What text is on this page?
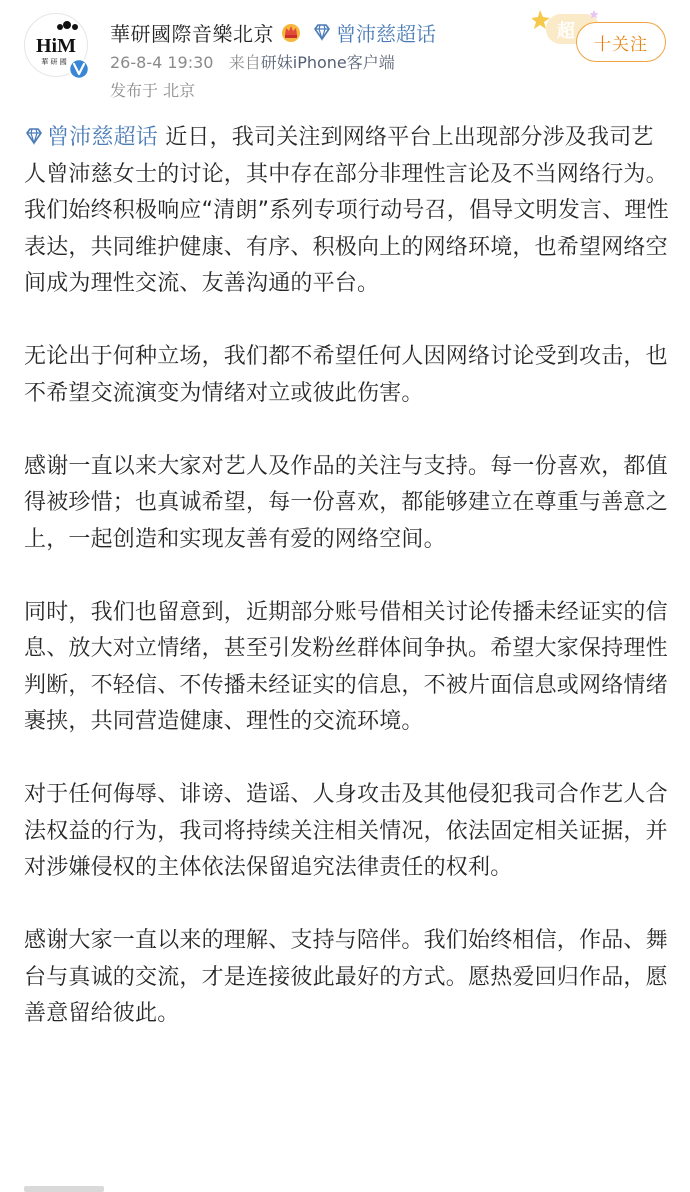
HiM
華 研 國
華研國際音樂北京	曾沛慈超话
26-8-4 19:30 来自研妹iPhone客户端
发布于 北京
超
十关注

曾沛慈超话 近日，我司关注到网络平台上出现部分涉及我司艺人曾沛慈女士的讨论，其中存在部分非理性言论及不当网络行为。我们始终积极响应“清朗”系列专项行动号召，倡导文明发言、理性表达，共同维护健康、有序、积极向上的网络环境，也希望网络空间成为理性交流、友善沟通的平台。

无论出于何种立场，我们都不希望任何人因网络讨论受到攻击，也不希望交流演变为情绪对立或彼此伤害。

感谢一直以来大家对艺人及作品的关注与支持。每一份喜欢，都值得被珍惜；也真诚希望，每一份喜欢，都能够建立在尊重与善意之上，一起创造和实现友善有爱的网络空间。

同时，我们也留意到，近期部分账号借相关讨论传播未经证实的信息、放大对立情绪，甚至引发粉丝群体间争执。希望大家保持理性判断，不轻信、不传播未经证实的信息，不被片面信息或网络情绪裹挟，共同营造健康、理性的交流环境。

对于任何侮辱、诽谤、造谣、人身攻击及其他侵犯我司合作艺人合法权益的行为，我司将持续关注相关情况，依法固定相关证据，并对涉嫌侵权的主体依法保留追究法律责任的权利。

感谢大家一直以来的理解、支持与陪伴。我们始终相信，作品、舞台与真诚的交流，才是连接彼此最好的方式。愿热爱回归作品，愿善意留给彼此。
